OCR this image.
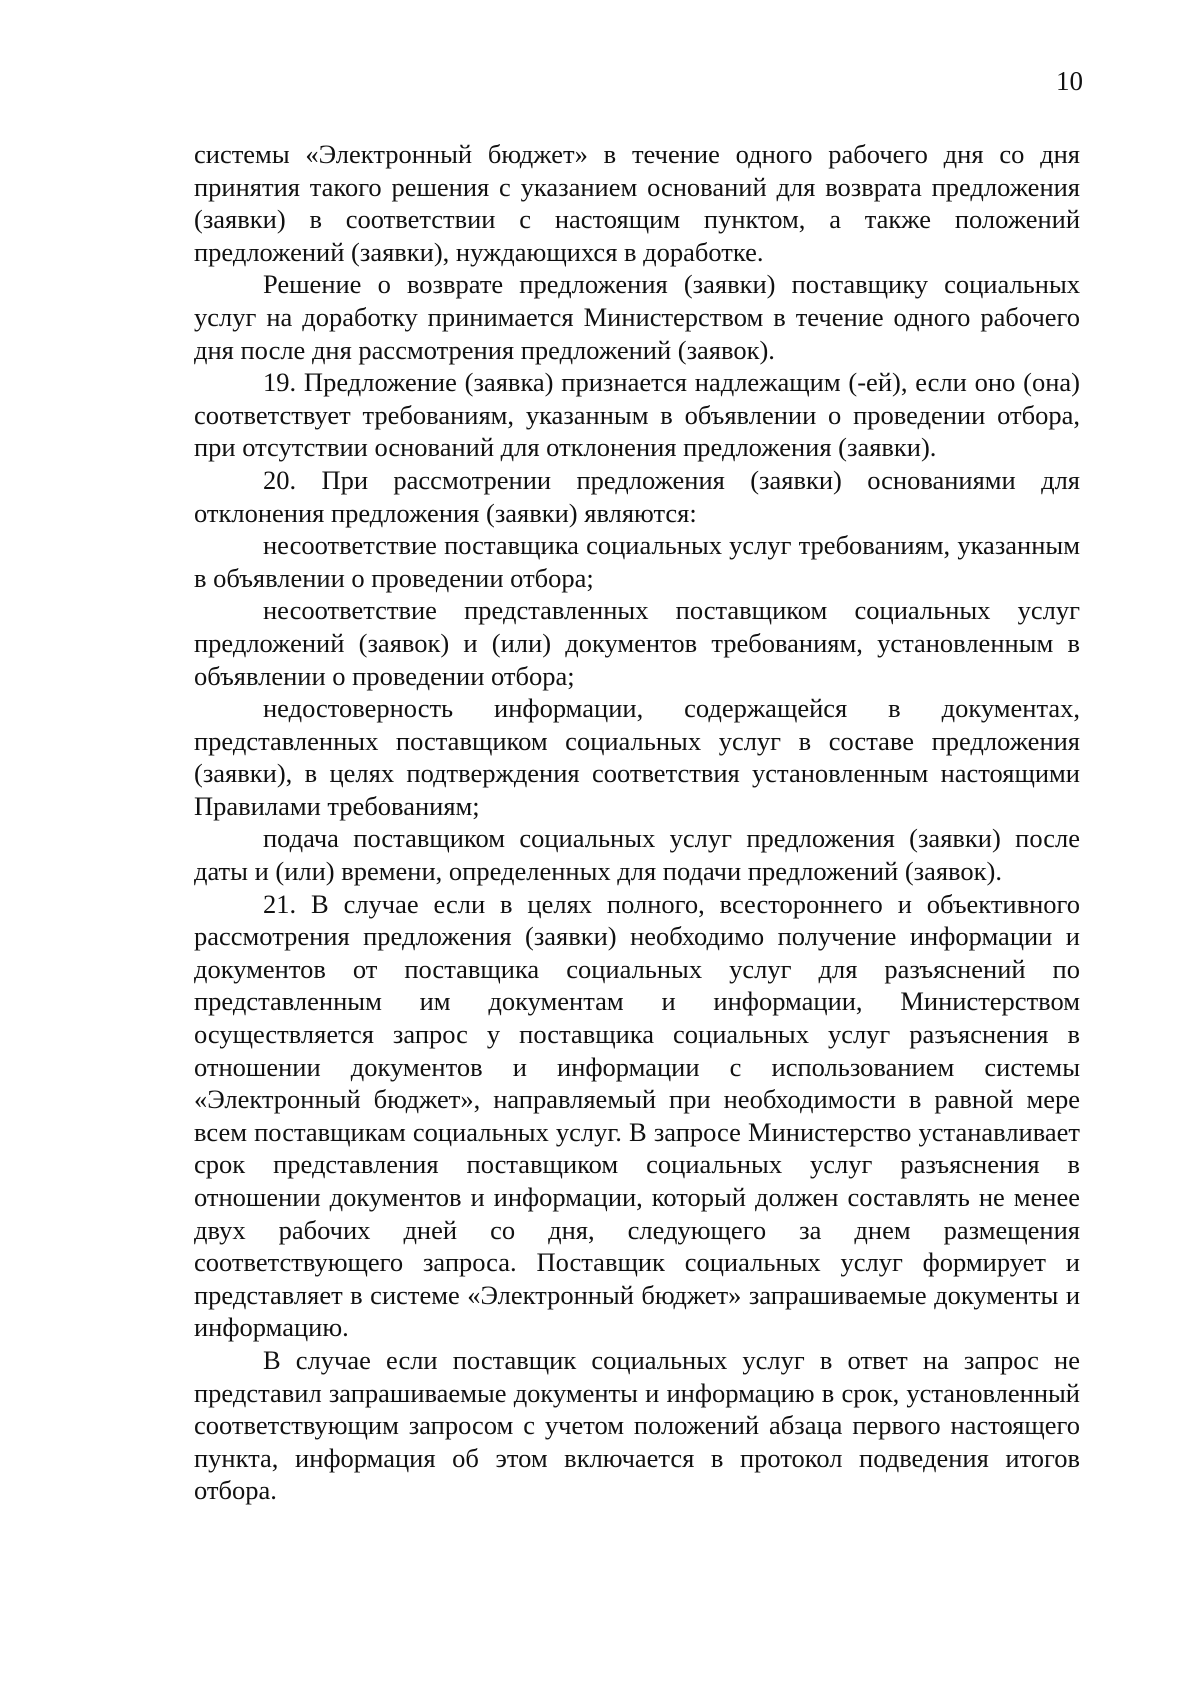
10

системы «Электронный бюджет» в течение одного рабочего дня со дня принятия такого решения с указанием оснований для возврата предложения (заявки) в соответствии с настоящим пунктом, а также положений предложений (заявки), нуждающихся в доработке.

Решение о возврате предложения (заявки) поставщику социальных услуг на доработку принимается Министерством в течение одного рабочего дня после дня рассмотрения предложений (заявок).

19. Предложение (заявка) признается надлежащим (-ей), если оно (она) соответствует требованиям, указанным в объявлении о проведении отбора, при отсутствии оснований для отклонения предложения (заявки).

20. При рассмотрении предложения (заявки) основаниями для отклонения предложения (заявки) являются:

несоответствие поставщика социальных услуг требованиям, указанным в объявлении о проведении отбора;

несоответствие представленных поставщиком социальных услуг предложений (заявок) и (или) документов требованиям, установленным в объявлении о проведении отбора;

недостоверность информации, содержащейся в документах, представленных поставщиком социальных услуг в составе предложения (заявки), в целях подтверждения соответствия установленным настоящими Правилами требованиям;

подача поставщиком социальных услуг предложения (заявки) после даты и (или) времени, определенных для подачи предложений (заявок).

21. В случае если в целях полного, всестороннего и объективного рассмотрения предложения (заявки) необходимо получение информации и документов от поставщика социальных услуг для разъяснений по представленным им документам и информации, Министерством осуществляется запрос у поставщика социальных услуг разъяснения в отношении документов и информации с использованием системы «Электронный бюджет», направляемый при необходимости в равной мере всем поставщикам социальных услуг. В запросе Министерство устанавливает срок представления поставщиком социальных услуг разъяснения в отношении документов и информации, который должен составлять не менее двух рабочих дней со дня, следующего за днем размещения соответствующего запроса. Поставщик социальных услуг формирует и представляет в системе «Электронный бюджет» запрашиваемые документы и информацию.

В случае если поставщик социальных услуг в ответ на запрос не представил запрашиваемые документы и информацию в срок, установленный соответствующим запросом с учетом положений абзаца первого настоящего пункта, информация об этом включается в протокол подведения итогов отбора.
